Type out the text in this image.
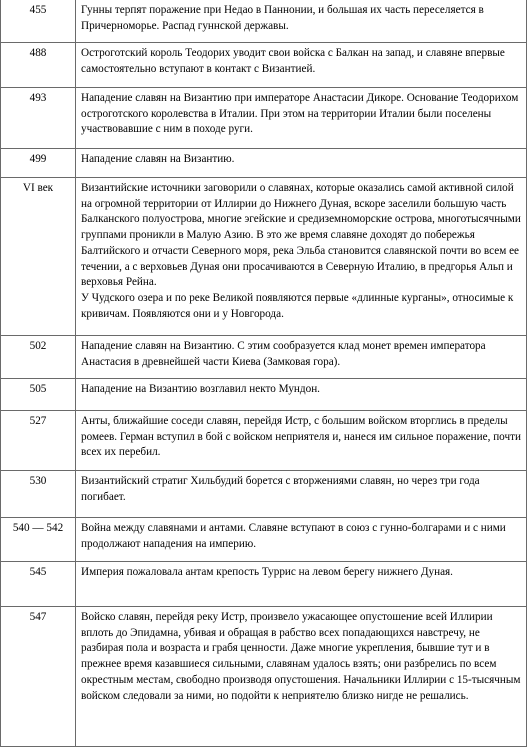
455	Гунны терпят поражение при Недао в Паннонии, и большая их часть переселяется в Причерноморье. Распад гуннской державы.
488	Остроготский король Теодорих уводит свои войска с Балкан на запад, и славяне впервые самостоятельно вступают в контакт с Византией.
493	Нападение славян на Византию при императоре Анастасии Дикоре. Основание Теодорихом остроготского королевства в Италии. При этом на территории Италии были поселены участвовавшие с ним в походе руги.
499	Нападение славян на Византию.
VI век	Византийские источники заговорили о славянах, которые оказались самой активной силой на огромной территории от Иллирии до Нижнего Дуная, вскоре заселили большую часть Балканского полуострова, многие эгейские и средиземноморские острова, многотысячными группами проникли в Малую Азию. В это же время славяне доходят до побережья Балтийского и отчасти Северного моря, река Эльба становится славянской почти во всем ее течении, а с верховьев Дуная они просачиваются в Северную Италию, в предгорья Альп и верховья Рейна.
У Чудского озера и по реке Великой появляются первые «длинные курганы», относимые к кривичам. Появляются они и у Новгорода.
502	Нападение славян на Византию. С этим сообразуется клад монет времен императора Анастасия в древнейшей части Киева (Замковая гора).
505	Нападение на Византию возглавил некто Мундон.
527	Анты, ближайшие соседи славян, перейдя Истр, с большим войском вторглись в пределы ромеев. Герман вступил в бой с войском неприятеля и, нанеся им сильное поражение, почти всех их перебил.
530	Византийский стратиг Хильбудий борется с вторжениями славян, но через три года погибает.
540 — 542	Война между славянами и антами. Славяне вступают в союз с гунно-болгарами и с ними продолжают нападения на империю.
545	Империя пожаловала антам крепость Туррис на левом берегу нижнего Дуная.
547	Войско славян, перейдя реку Истр, произвело ужасающее опустошение всей Иллирии вплоть до Эпидамна, убивая и обращая в рабство всех попадающихся навстречу, не разбирая пола и возраста и грабя ценности. Даже многие укрепления, бывшие тут и в прежнее время казавшиеся сильными, славянам удалось взять; они разбрелись по всем окрестным местам, свободно производя опустошения. Начальники Иллирии с 15-тысячным войском следовали за ними, но подойти к неприятелю близко нигде не решались.
